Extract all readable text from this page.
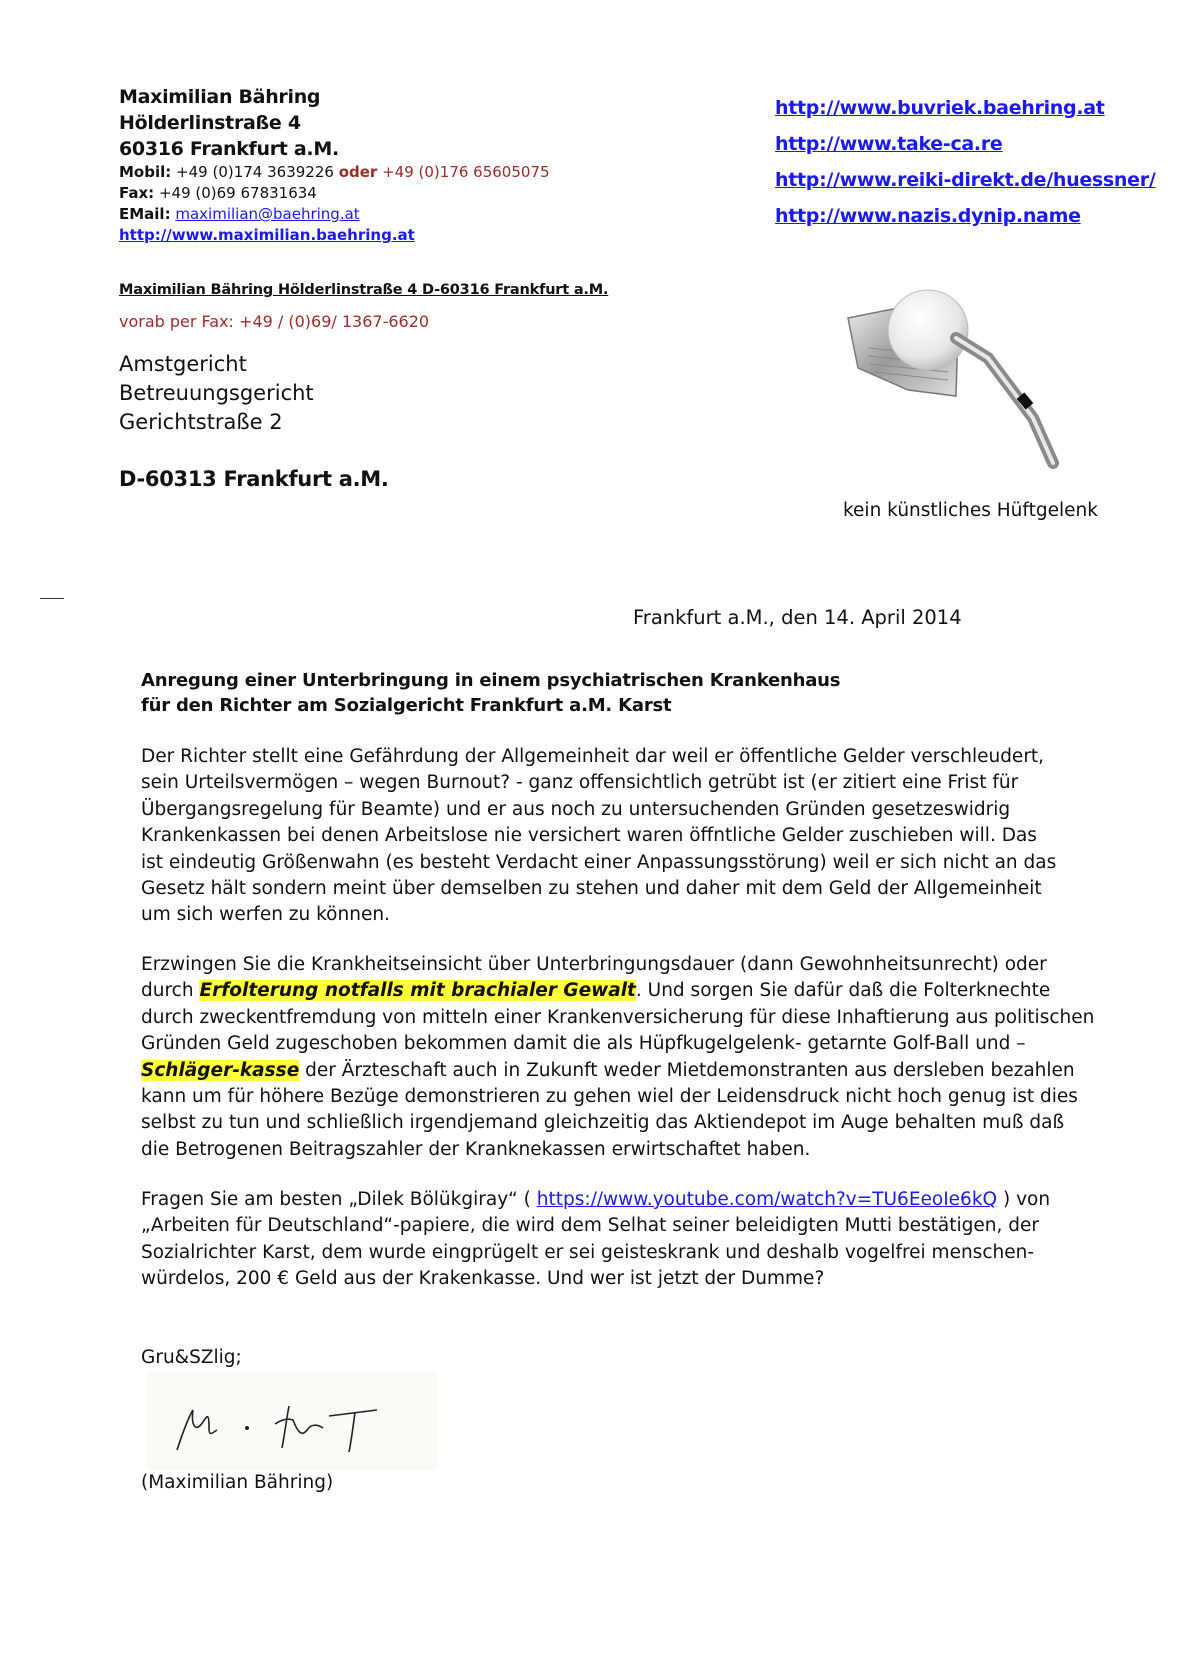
Maximilian Bähring
Hölderlinstraße 4
60316 Frankfurt a.M.
Mobil: +49 (0)174 3639226 oder +49 (0)176 65605075
Fax: +49 (0)69 67831634
EMail: maximilian@baehring.at
http://www.maximilian.baehring.at
http://www.buvriek.baehring.at
http://www.take-ca.re
http://www.reiki-direkt.de/huessner/
http://www.nazis.dynip.name
Maximilian Bähring Hölderlinstraße 4 D-60316 Frankfurt a.M.
vorab per Fax: +49 / (0)69/ 1367-6620
Amstgericht
Betreuungsgericht
Gerichtstraße 2
D-60313 Frankfurt a.M.
kein künstliches Hüftgelenk
Frankfurt a.M., den 14. April 2014
Anregung einer Unterbringung in einem psychiatrischen Krankenhaus
für den Richter am Sozialgericht Frankfurt a.M. Karst
Der Richter stellt eine Gefährdung der Allgemeinheit dar weil er öffentliche Gelder verschleudert,
sein Urteilsvermögen – wegen Burnout? - ganz offensichtlich getrübt ist (er zitiert eine Frist für
Übergangsregelung für Beamte) und er aus noch zu untersuchenden Gründen gesetzeswidrig
Krankenkassen bei denen Arbeitslose nie versichert waren öffntliche Gelder zuschieben will. Das
ist eindeutig Größenwahn (es besteht Verdacht einer Anpassungsstörung) weil er sich nicht an das
Gesetz hält sondern meint über demselben zu stehen und daher mit dem Geld der Allgemeinheit
um sich werfen zu können.
Erzwingen Sie die Krankheitseinsicht über Unterbringungsdauer (dann Gewohnheitsunrecht) oder
durch Erfolterung notfalls mit brachialer Gewalt. Und sorgen Sie dafür daß die Folterknechte
durch zweckentfremdung von mitteln einer Krankenversicherung für diese Inhaftierung aus politischen
Gründen Geld zugeschoben bekommen damit die als Hüpfkugelgelenk- getarnte Golf-Ball und –
Schläger-kasse der Ärzteschaft auch in Zukunft weder Mietdemonstranten aus dersleben bezahlen
kann um für höhere Bezüge demonstrieren zu gehen wiel der Leidensdruck nicht hoch genug ist dies
selbst zu tun und schließlich irgendjemand gleichzeitig das Aktiendepot im Auge behalten muß daß
die Betrogenen Beitragszahler der Kranknekassen erwirtschaftet haben.
Fragen Sie am besten „Dilek Bölükgiray“ ( https://www.youtube.com/watch?v=TU6EeoIe6kQ ) von
„Arbeiten für Deutschland“-papiere, die wird dem Selhat seiner beleidigten Mutti bestätigen, der
Sozialrichter Karst, dem wurde eingprügelt er sei geisteskrank und deshalb vogelfrei menschen-
würdelos, 200 € Geld aus der Krakenkasse. Und wer ist jetzt der Dumme?
Gru&SZlig;
(Maximilian Bähring)
